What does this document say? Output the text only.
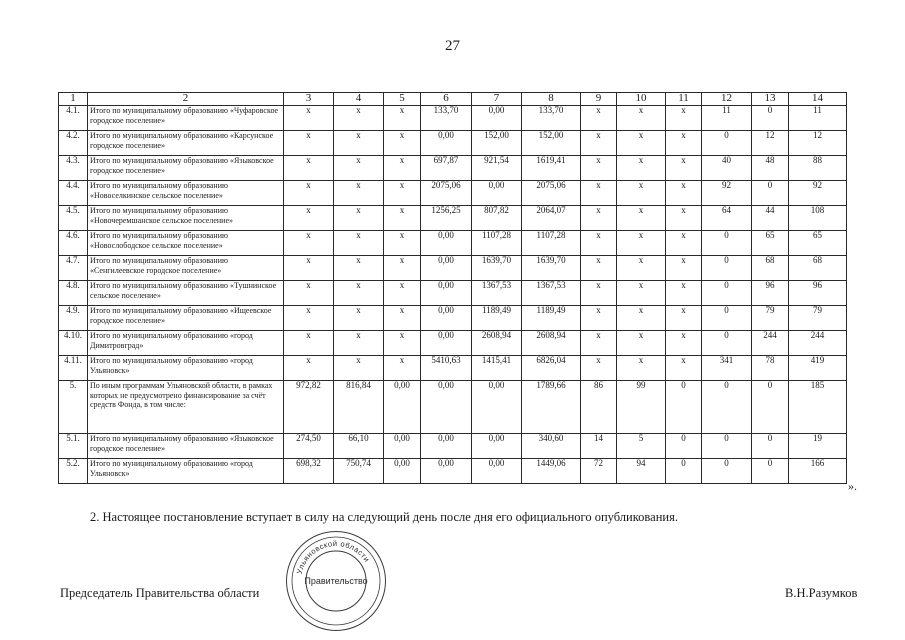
27
1	2	3	4	5	6	7	8	9	10	11	12	13	14
4.1.	Итого по муниципальному образованию «Чуфаровское городское поселение»	x	x	x	133,70	0,00	133,70	x	x	x	11	0	11
4.2.	Итого по муниципальному образованию «Карсунское городское поселение»	x	x	x	0,00	152,00	152,00	x	x	x	0	12	12
4.3.	Итого по муниципальному образованию «Языковское городское поселение»	x	x	x	697,87	921,54	1619,41	x	x	x	40	48	88
4.4.	Итого по муниципальному образованию «Новоселкинское сельское поселение»	x	x	x	2075,06	0,00	2075,06	x	x	x	92	0	92
4.5.	Итого по муниципальному образованию «Новочеремшанское сельское поселение»	x	x	x	1256,25	807,82	2064,07	x	x	x	64	44	108
4.6.	Итого по муниципальному образованию «Новослободское сельское поселение»	x	x	x	0,00	1107,28	1107,28	x	x	x	0	65	65
4.7.	Итого по муниципальному образованию «Сенгилеевское городское поселение»	x	x	x	0,00	1639,70	1639,70	x	x	x	0	68	68
4.8.	Итого по муниципальному образованию «Тушнинское сельское поселение»	x	x	x	0,00	1367,53	1367,53	x	x	x	0	96	96
4.9.	Итого по муниципальному образованию «Ищеевское городское поселение»	x	x	x	0,00	1189,49	1189,49	x	x	x	0	79	79
4.10.	Итого по муниципальному образованию «город Димитровград»	x	x	x	0,00	2608,94	2608,94	x	x	x	0	244	244
4.11.	Итого по муниципальному образованию «город Ульяновск»	x	x	x	5410,63	1415,41	6826,04	x	x	x	341	78	419
5.	По иным программам Ульяновской области, в рамках которых не предусмотрено финансирование за счёт средств Фонда, в том числе:	972,82	816,84	0,00	0,00	0,00	1789,66	86	99	0	0	0	185
5.1.	Итого по муниципальному образованию «Языковское городское поселение»	274,50	66,10	0,00	0,00	0,00	340,60	14	5	0	0	0	19
5.2.	Итого по муниципальному образованию «город Ульяновск»	698,32	750,74	0,00	0,00	0,00	1449,06	72	94	0	0	0	166
».
2. Настоящее постановление вступает в силу на следующий день после дня его официального опубликования.
Председатель Правительства области	В.Н.Разумков
Ульяновской области
Правительство
